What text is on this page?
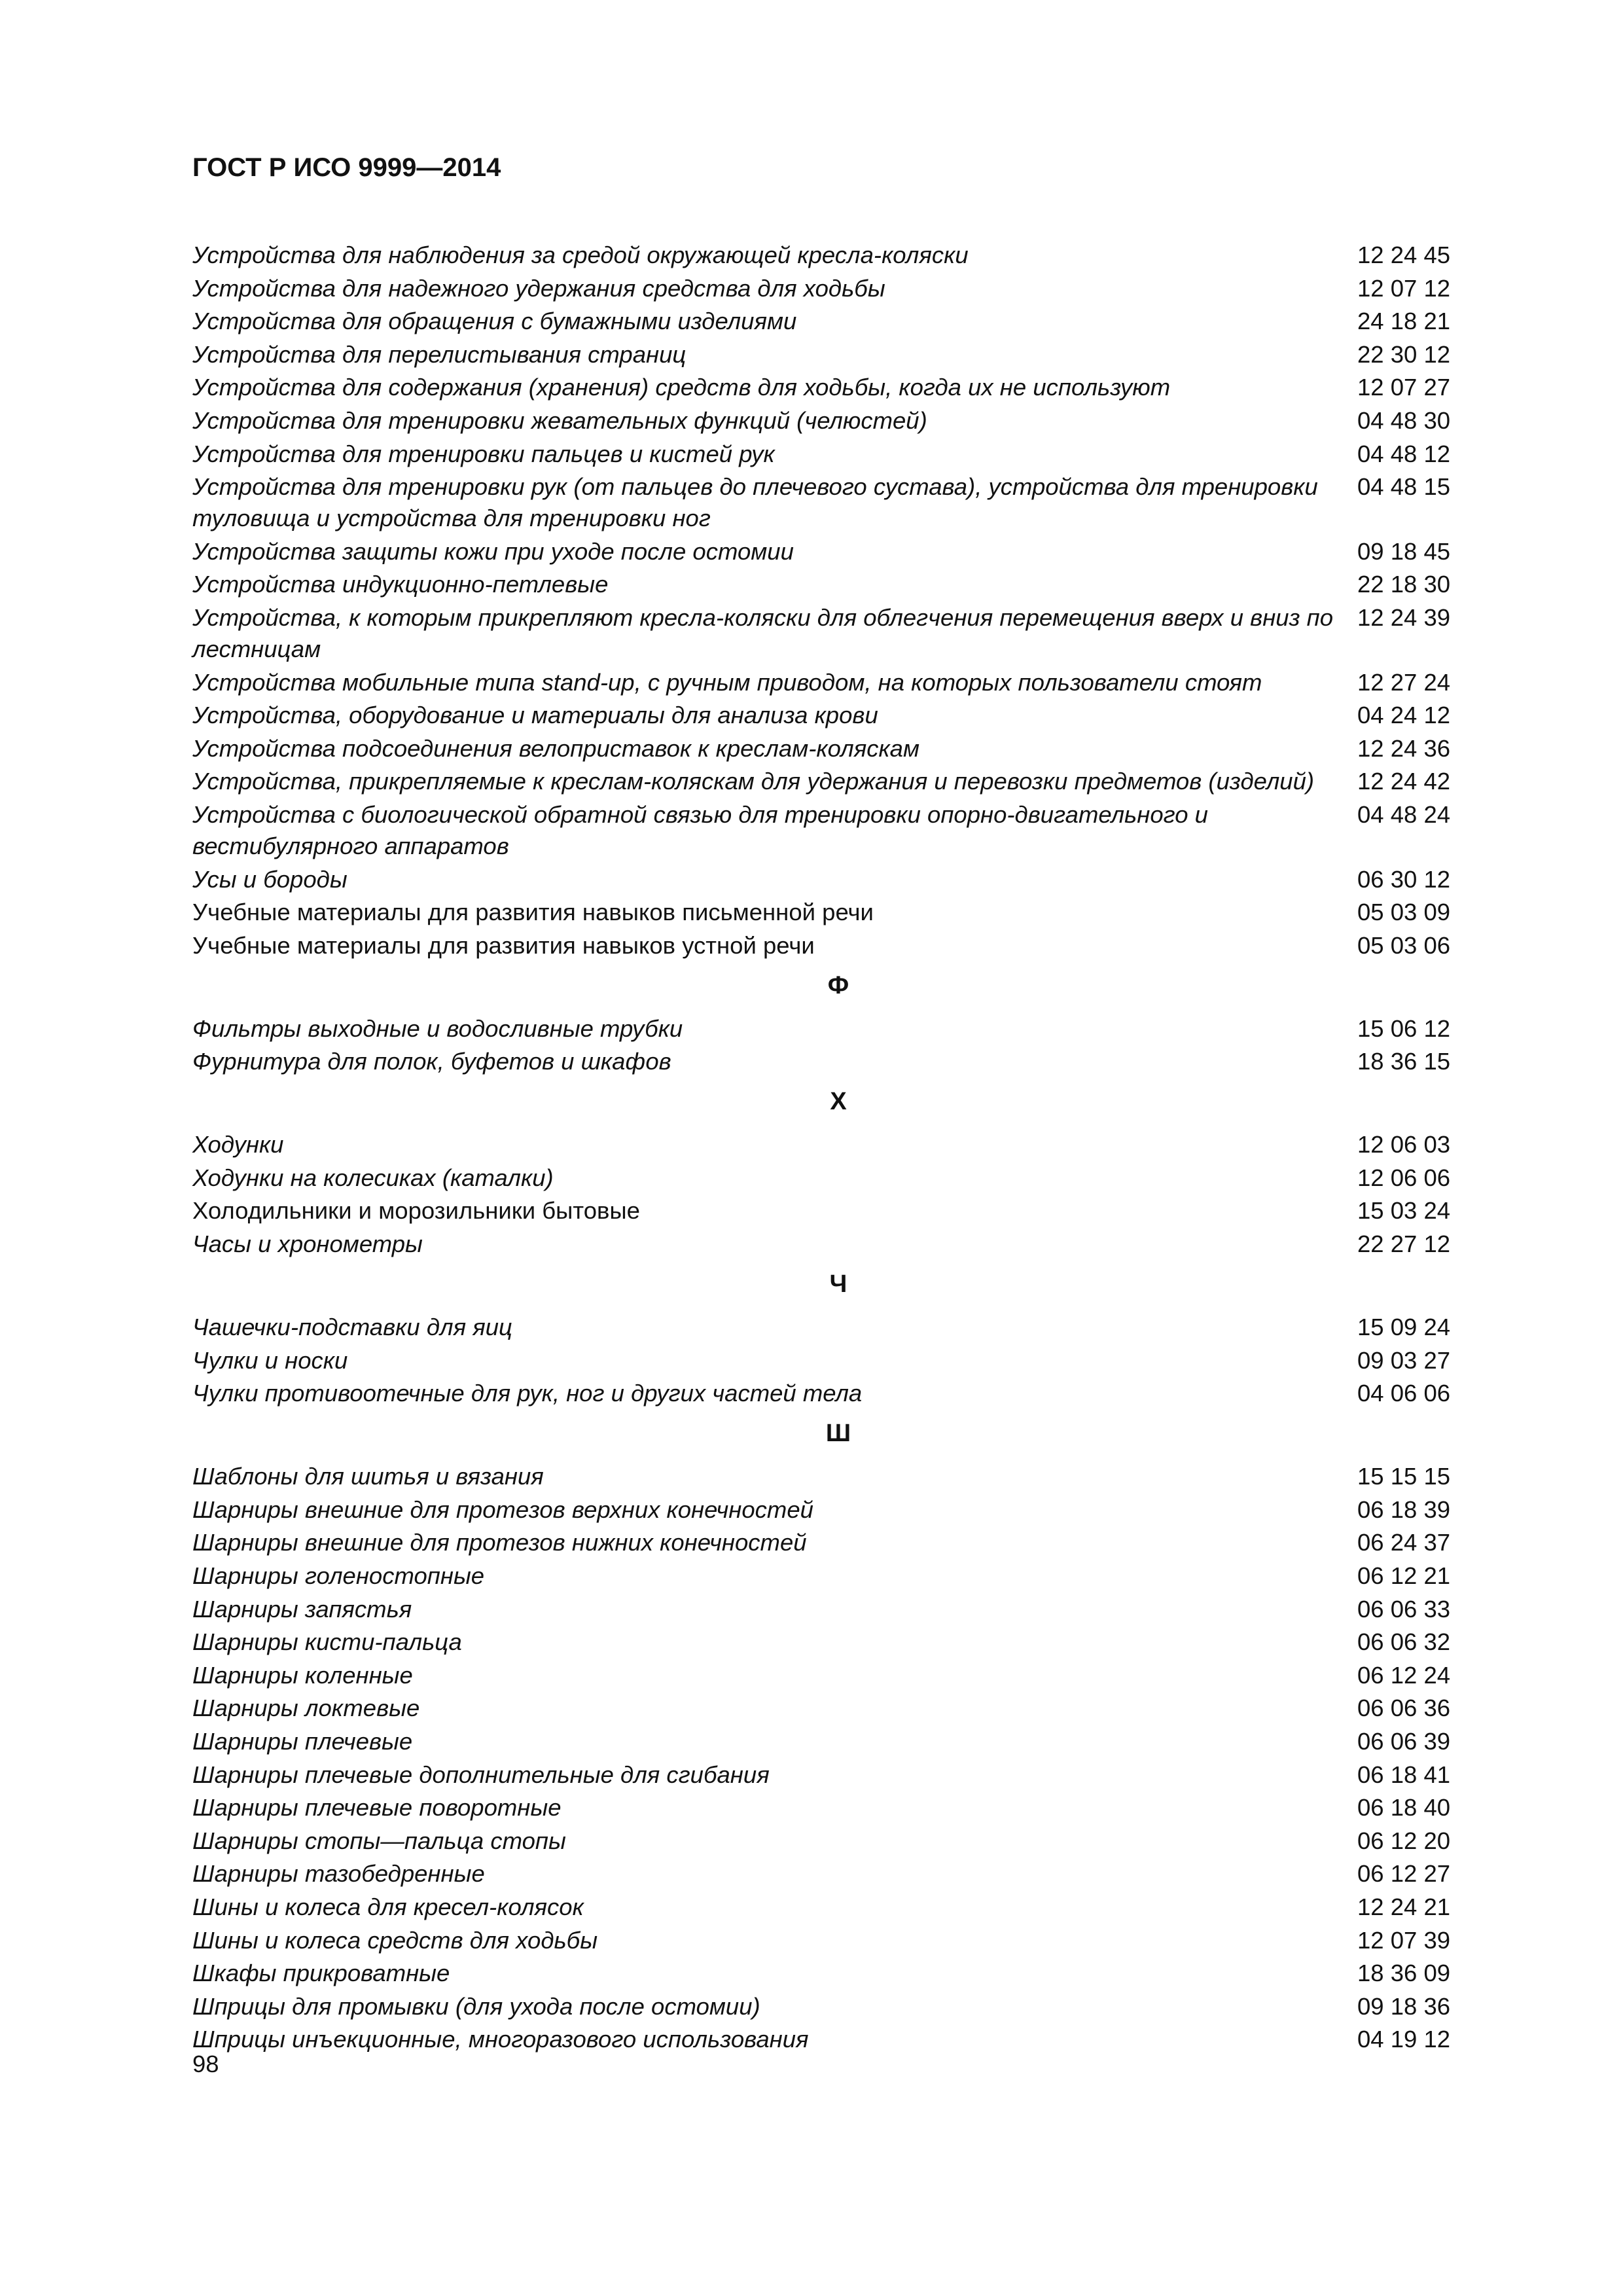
ГОСТ Р ИСО 9999—2014
Устройства для наблюдения за средой окружающей кресла-коляски	12 24 45
Устройства для надежного удержания средства для ходьбы	12 07 12
Устройства для обращения с бумажными изделиями	24 18 21
Устройства для перелистывания страниц	22 30 12
Устройства для содержания (хранения) средств для ходьбы, когда их не используют	12 07 27
Устройства для тренировки жевательных функций (челюстей)	04 48 30
Устройства для тренировки пальцев и кистей рук	04 48 12
Устройства для тренировки рук (от пальцев до плечевого сустава), устройства для тренировки туловища и устройства для тренировки ног
04 48 15
Устройства защиты кожи при уходе после остомии	09 18 45
Устройства индукционно-петлевые	22 18 30
Устройства, к которым прикрепляют кресла-коляски для облегчения перемещения вверх и вниз по лестницам
12 24 39
Устройства мобильные типа stand-up, с ручным приводом, на которых пользователи стоят	12 27 24
Устройства, оборудование и материалы для анализа крови	04 24 12
Устройства подсоединения велоприставок к креслам-коляскам	12 24 36
Устройства, прикрепляемые к креслам-коляскам для удержания и перевозки предметов (изделий)	12 24 42
Устройства с биологической обратной связью для тренировки опорно-двигательного и вестибулярного аппаратов
04 48 24
Усы и бороды	06 30 12
Учебные материалы для развития навыков письменной речи	05 03 09
Учебные материалы для развития навыков устной речи	05 03 06
Ф
Фильтры выходные и водосливные трубки	15 06 12
Фурнитура для полок, буфетов и шкафов	18 36 15
Х
Ходунки	12 06 03
Ходунки на колесиках (каталки)	12 06 06
Холодильники и морозильники бытовые	15 03 24
Часы и хронометры	22 27 12
Ч
Чашечки-подставки для яиц	15 09 24
Чулки и носки	09 03 27
Чулки противоотечные для рук, ног и других частей тела	04 06 06
Ш
Шаблоны для шитья и вязания	15 15 15
Шарниры внешние для протезов верхних конечностей	06 18 39
Шарниры внешние для протезов нижних конечностей	06 24 37
Шарниры голеностопные	06 12 21
Шарниры запястья	06 06 33
Шарниры кисти-пальца	06 06 32
Шарниры коленные	06 12 24
Шарниры локтевые	06 06 36
Шарниры плечевые	06 06 39
Шарниры плечевые дополнительные для сгибания	06 18 41
Шарниры плечевые поворотные	06 18 40
Шарниры стопы—пальца стопы	06 12 20
Шарниры тазобедренные	06 12 27
Шины и колеса для кресел-колясок	12 24 21
Шины и колеса средств для ходьбы	12 07 39
Шкафы прикроватные	18 36 09
Шприцы для промывки (для ухода после остомии)	09 18 36
Шприцы инъекционные, многоразового использования	04 19 12
98
